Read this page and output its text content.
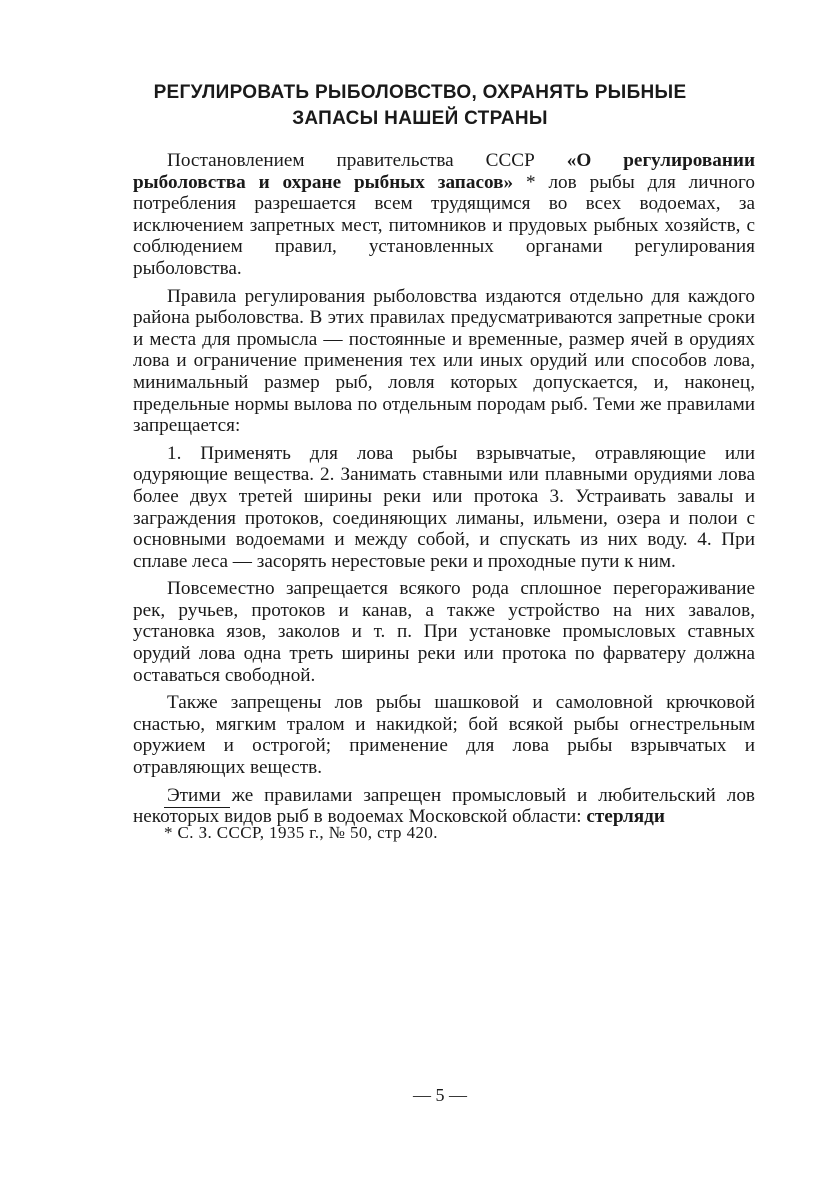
РЕГУЛИРОВАТЬ РЫБОЛОВСТВО, ОХРАНЯТЬ РЫБНЫЕ
ЗАПАСЫ НАШЕЙ СТРАНЫ

Постановлением правительства СССР «О регулировании рыболовства и охране рыбных запасов» * лов рыбы для личного потребления разрешается всем трудящимся во всех водоемах, за исключением запретных мест, питомников и прудовых рыбных хозяйств, с соблюдением правил, установленных органами регулирования рыболовства.

Правила регулирования рыболовства издаются отдельно для каждого района рыболовства. В этих правилах предусматриваются запретные сроки и места для промысла — постоянные и временные, размер ячей в орудиях лова и ограничение применения тех или иных орудий или способов лова, минимальный размер рыб, ловля которых допускается, и, наконец, предельные нормы вылова по отдельным породам рыб. Теми же правилами запрещается:

1. Применять для лова рыбы взрывчатые, отравляющие или одуряющие вещества. 2. Занимать ставными или плавными орудиями лова более двух третей ширины реки или протока 3. Устраивать завалы и заграждения протоков, соединяющих лиманы, ильмени, озера и полои с основными водоемами и между собой, и спускать из них воду. 4. При сплаве леса — засорять нерестовые реки и проходные пути к ним.

Повсеместно запрещается всякого рода сплошное перегораживание рек, ручьев, протоков и канав, а также устройство на них завалов, установка язов, заколов и т. п. При установке промысловых ставных орудий лова одна треть ширины реки или протока по фарватеру должна оставаться свободной.

Также запрещены лов рыбы шашковой и самоловной крючковой снастью, мягким тралом и накидкой; бой всякой рыбы огнестрельным оружием и острогой; применение для лова рыбы взрывчатых и отравляющих веществ.

Этими же правилами запрещен промысловый и любительский лов некоторых видов рыб в водоемах Московской области: стерляди

* С. З. СССР, 1935 г., № 50, стр 420.
— 5 —
